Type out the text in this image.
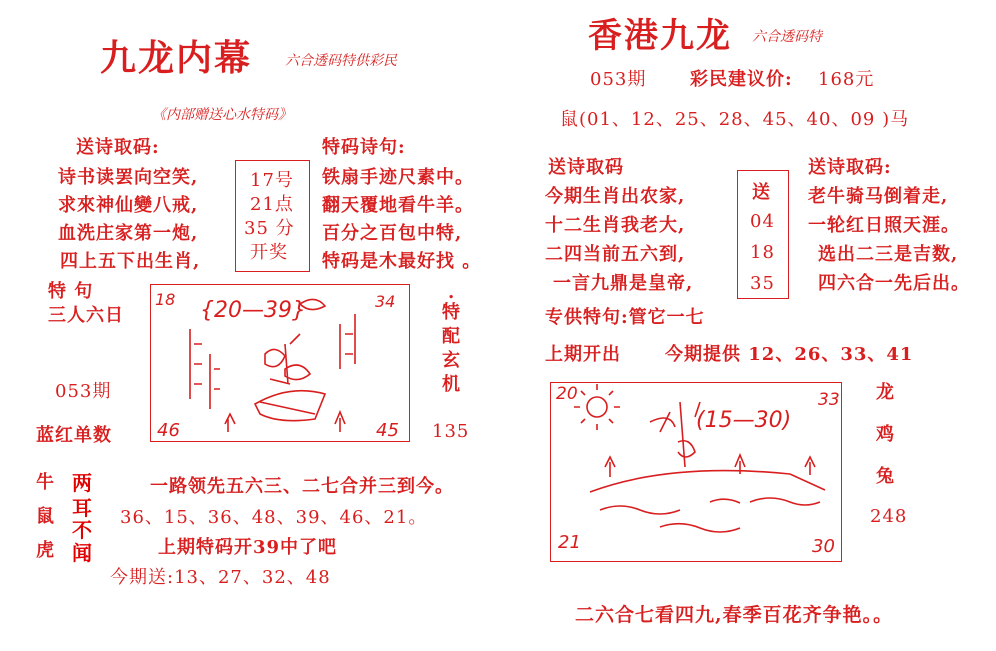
九龙内幕 六合透码特供彩民
《内部赠送心水特码》
送诗取码:
诗书读罢向空笑,
求來神仙變八戒,
血洗庄家第一炮,
四上五下出生肖,
17号
21点
35 分
开奖
特码诗句:
铁扇手迹尺素中。
翻天覆地看牛羊。
百分之百包中特,
特码是木最好找 。
特 句
三人六日
053期
蓝红单数
18 {20—39}	34
46	45
.
特
配
玄
机
135
牛
鼠
虎
两
耳
不
闻
一路领先五六三、二七合并三到今。
36、15、36、48、39、46、21。
上期特码开39中了吧
今期送:13、27、32、48
香港九龙 六合透码特
053期 彩民建议价: 168元
鼠(01、12、25、28、45、40、09 )马
送诗取码
今期生肖出农家,
十二生肖我老大,
二四当前五六到,
一言九鼎是皇帝,
送
04
18
35
送诗取码:
老牛骑马倒着走,
一轮红日照天涯。
选出二三是吉数,
四六合一先后出。
专供特句:管它一七
上期开出 今期提供 12、26、33、41
20
(15—30)
33
21	30
龙
鸡
兔
248
二六合七看四九,春季百花齐争艳。。
